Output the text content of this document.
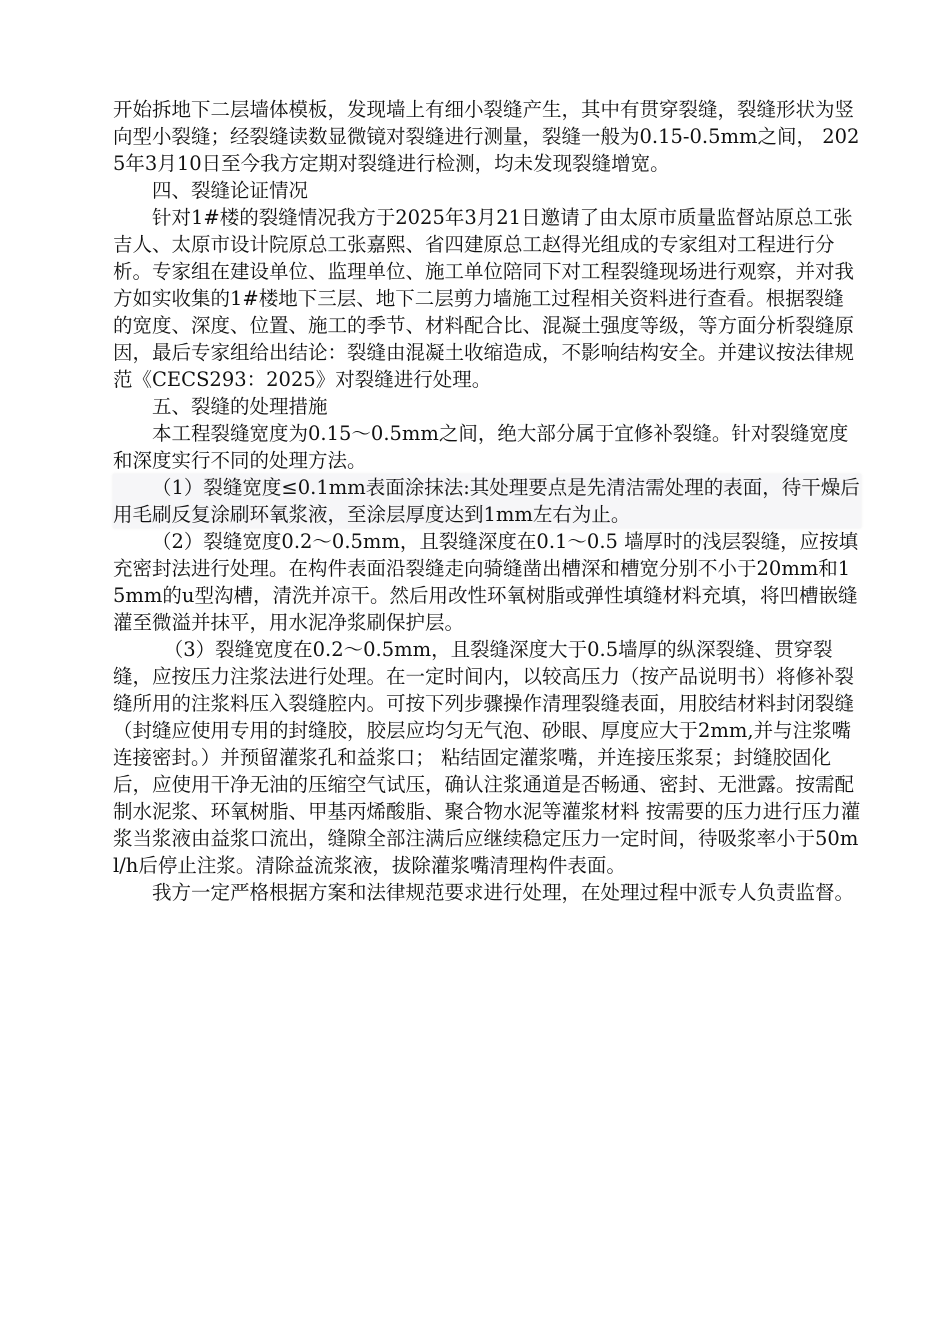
开始拆地下二层墙体模板，发现墙上有细小裂缝产生，其中有贯穿裂缝，裂缝形状为竖向型小裂缝；经裂缝读数显微镜对裂缝进行测量，裂缝一般为0.15-0.5mm之间， 2025年3月10日至今我方定期对裂缝进行检测，均未发现裂缝增宽。

四、裂缝论证情况

针对1#楼的裂缝情况我方于2025年3月21日邀请了由太原市质量监督站原总工张吉人、太原市设计院原总工张嘉熙、省四建原总工赵得光组成的专家组对工程进行分析。专家组在建设单位、监理单位、施工单位陪同下对工程裂缝现场进行观察，并对我方如实收集的1#楼地下三层、地下二层剪力墙施工过程相关资料进行查看。根据裂缝的宽度、深度、位置、施工的季节、材料配合比、混凝土强度等级，等方面分析裂缝原因，最后专家组给出结论：裂缝由混凝土收缩造成，不影响结构安全。并建议按法律规范《CECS293：2025》对裂缝进行处理。

五、裂缝的处理措施

本工程裂缝宽度为0.15～0.5mm之间，绝大部分属于宜修补裂缝。针对裂缝宽度和深度实行不同的处理方法。

（1）裂缝宽度≤0.1mm表面涂抹法:其处理要点是先清洁需处理的表面，待干燥后用毛刷反复涂刷环氧浆液，至涂层厚度达到1mm左右为止。

（2）裂缝宽度0.2～0.5mm，且裂缝深度在0.1～0.5 墙厚时的浅层裂缝，应按填充密封法进行处理。在构件表面沿裂缝走向骑缝凿出槽深和槽宽分别不小于20mm和15mm的u型沟槽，清洗并凉干。然后用改性环氧树脂或弹性填缝材料充填，将凹槽嵌缝灌至微溢并抹平，用水泥净浆刷保护层。

（3）裂缝宽度在0.2～0.5mm，且裂缝深度大于0.5墙厚的纵深裂缝、贯穿裂缝，应按压力注浆法进行处理。在一定时间内，以较高压力（按产品说明书）将修补裂缝所用的注浆料压入裂缝腔内。可按下列步骤操作清理裂缝表面，用胶结材料封闭裂缝（封缝应使用专用的封缝胶，胶层应均匀无气泡、砂眼、厚度应大于2mm,并与注浆嘴连接密封。）并预留灌浆孔和益浆口； 粘结固定灌浆嘴，并连接压浆泵；封缝胶固化后，应使用干净无油的压缩空气试压，确认注浆通道是否畅通、密封、无泄露。按需配制水泥浆、环氧树脂、甲基丙烯酸脂、聚合物水泥等灌浆材料 按需要的压力进行压力灌浆当浆液由益浆口流出，缝隙全部注满后应继续稳定压力一定时间，待吸浆率小于50ml/h后停止注浆。清除益流浆液，拔除灌浆嘴清理构件表面。

我方一定严格根据方案和法律规范要求进行处理，在处理过程中派专人负责监督。
